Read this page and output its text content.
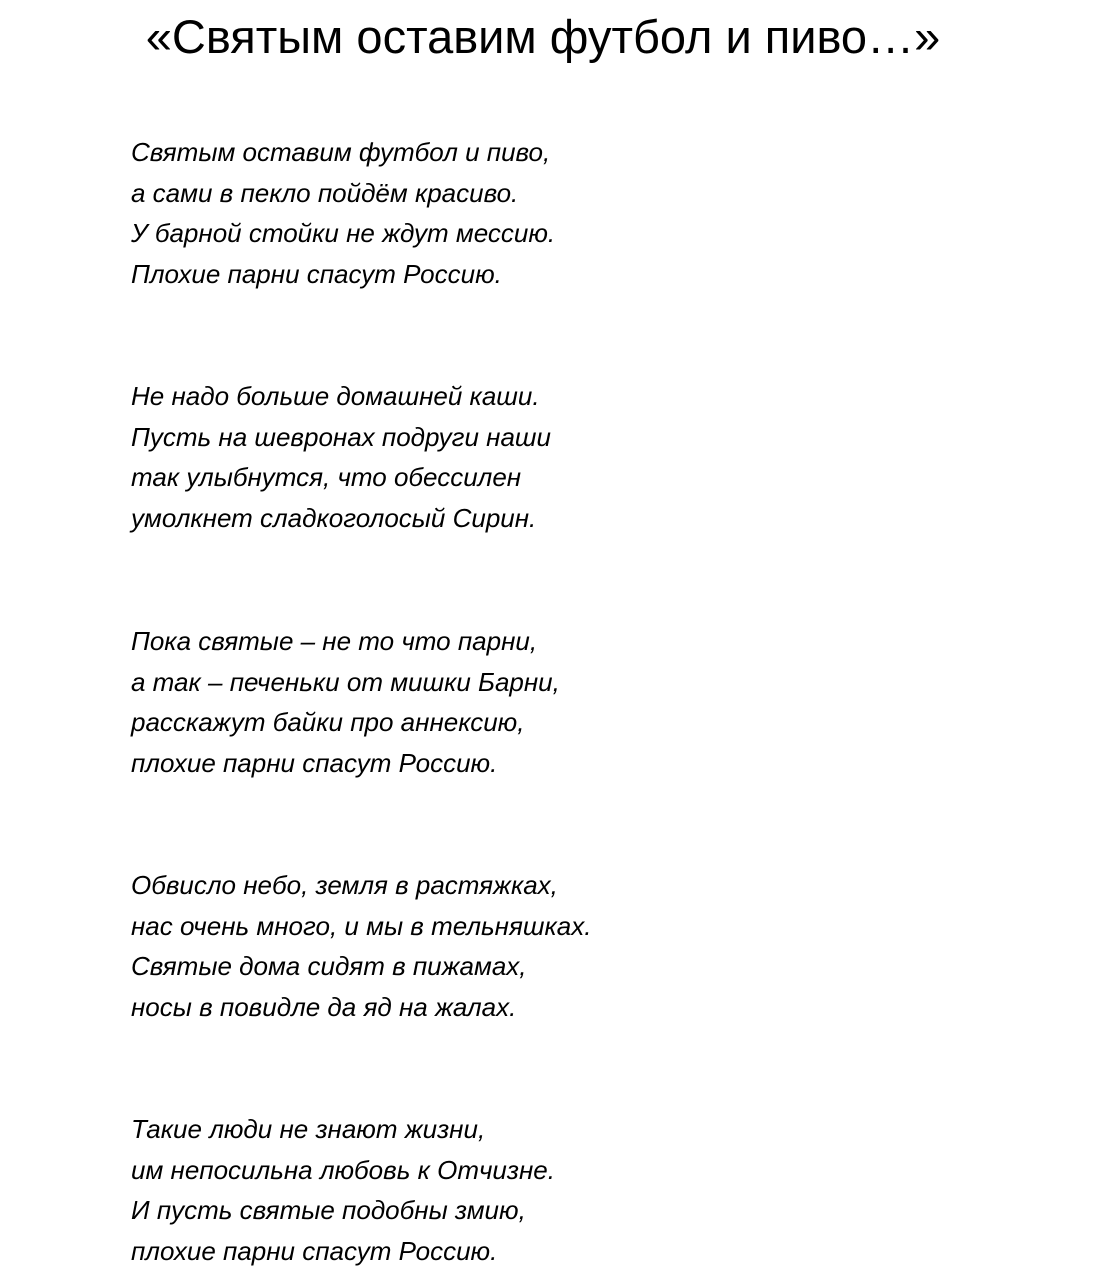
«Святым оставим футбол и пиво…»
Святым оставим футбол и пиво,
а сами в пекло пойдём красиво.
У барной стойки не ждут мессию.
Плохие парни спасут Россию.
Не надо больше домашней каши.
Пусть на шевронах подруги наши
так улыбнутся, что обессилен
умолкнет сладкоголосый Сирин.
Пока святые – не то что парни,
а так – печеньки от мишки Барни,
расскажут байки про аннексию,
плохие парни спасут Россию.
Обвисло небо, земля в растяжках,
нас очень много, и мы в тельняшках.
Святые дома сидят в пижамах,
носы в повидле да яд на жалах.
Такие люди не знают жизни,
им непосильна любовь к Отчизне.
И пусть святые подобны змию,
плохие парни спасут Россию.
